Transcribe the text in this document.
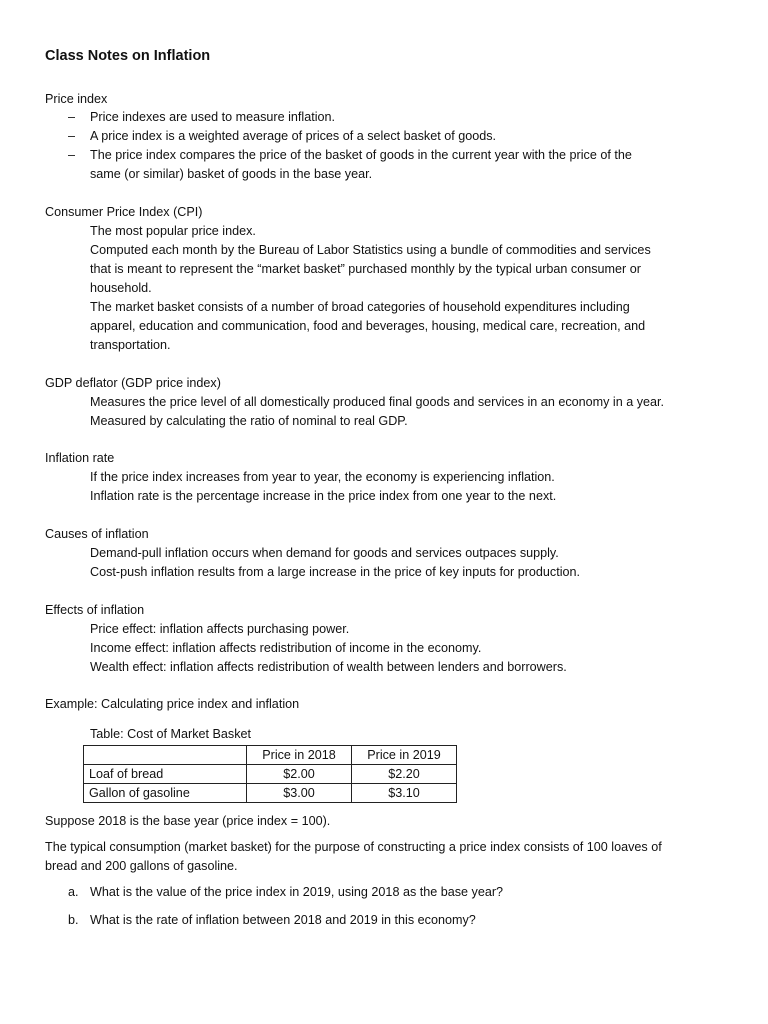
Class Notes on Inflation
Price index
– Price indexes are used to measure inflation.
– A price index is a weighted average of prices of a select basket of goods.
– The price index compares the price of the basket of goods in the current year with the price of the
same (or similar) basket of goods in the base year.
Consumer Price Index (CPI)
The most popular price index.
Computed each month by the Bureau of Labor Statistics using a bundle of commodities and services
that is meant to represent the “market basket” purchased monthly by the typical urban consumer or
household.
The market basket consists of a number of broad categories of household expenditures including
apparel, education and communication, food and beverages, housing, medical care, recreation, and
transportation.
GDP deflator (GDP price index)
Measures the price level of all domestically produced final goods and services in an economy in a year.
Measured by calculating the ratio of nominal to real GDP.
Inflation rate
If the price index increases from year to year, the economy is experiencing inflation.
Inflation rate is the percentage increase in the price index from one year to the next.
Causes of inflation
Demand-pull inflation occurs when demand for goods and services outpaces supply.
Cost-push inflation results from a large increase in the price of key inputs for production.
Effects of inflation
Price effect: inflation affects purchasing power.
Income effect: inflation affects redistribution of income in the economy.
Wealth effect: inflation affects redistribution of wealth between lenders and borrowers.
Example: Calculating price index and inflation
Table: Cost of Market Basket
	Price in 2018	Price in 2019
Loaf of bread	$2.00	$2.20
Gallon of gasoline	$3.00	$3.10
Suppose 2018 is the base year (price index = 100).
The typical consumption (market basket) for the purpose of constructing a price index consists of 100 loaves of
bread and 200 gallons of gasoline.
a. What is the value of the price index in 2019, using 2018 as the base year?
b. What is the rate of inflation between 2018 and 2019 in this economy?
